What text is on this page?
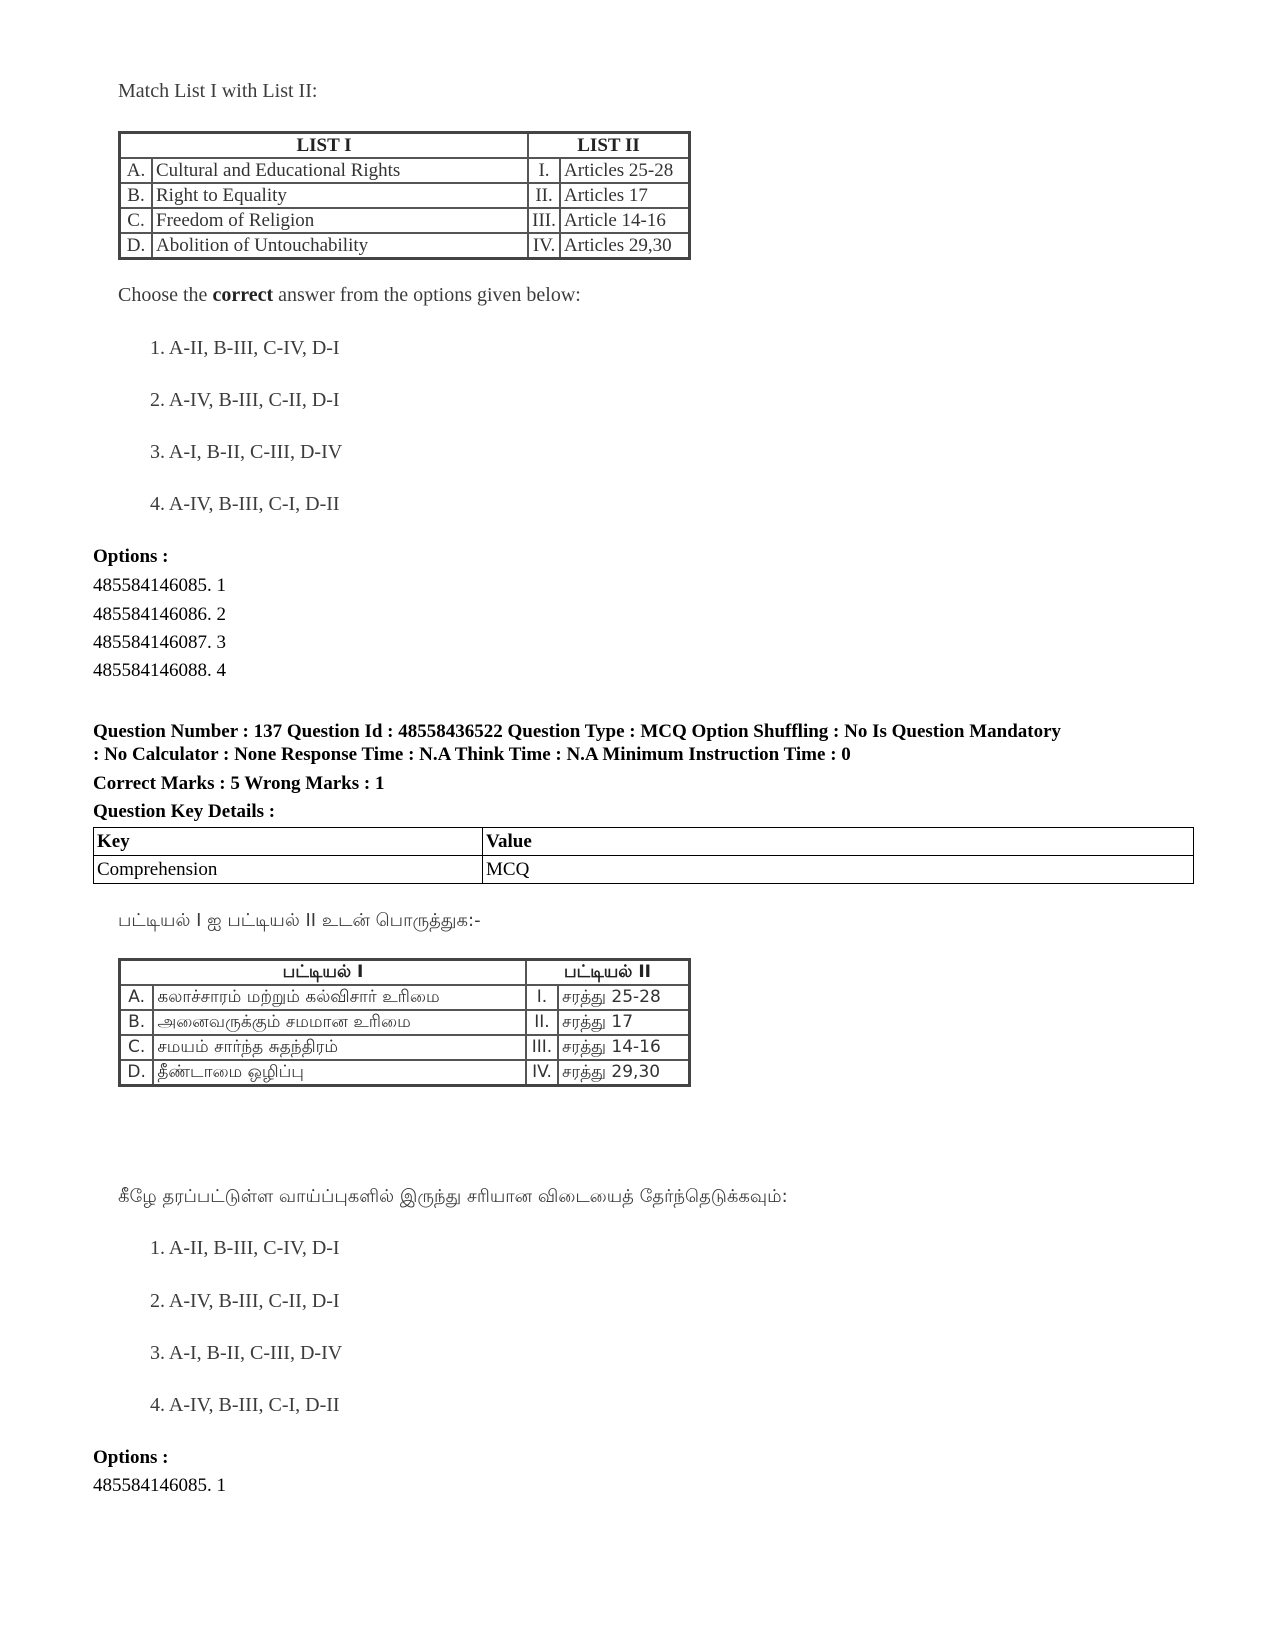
Match List I with List II:
LIST I		LIST II	
A.	Cultural and Educational Rights	I.	Articles 25-28
B.	Right to Equality	II.	Articles 17
C.	Freedom of Religion	III.	Article 14-16
D.	Abolition of Untouchability	IV.	Articles 29,30
Choose the correct answer from the options given below:
1. A-II, B-III, C-IV, D-I
2. A-IV, B-III, C-II, D-I
3. A-I, B-II, C-III, D-IV
4. A-IV, B-III, C-I, D-II
Options :
485584146085. 1
485584146086. 2
485584146087. 3
485584146088. 4
Question Number : 137 Question Id : 48558436522 Question Type : MCQ Option Shuffling : No Is Question Mandatory
: No Calculator : None Response Time : N.A Think Time : N.A Minimum Instruction Time : 0
Correct Marks : 5 Wrong Marks : 1
Question Key Details :
Key	Value
Comprehension	MCQ
பட்டியல் I ஐ பட்டியல் II உடன் பொருத்துக:-
பட்டியல் I		பட்டியல் II	
A.	கலாச்சாரம் மற்றும் கல்விசார் உரிமை	I.	சரத்து 25-28
B.	அனைவருக்கும் சமமான உரிமை	II.	சரத்து 17
C.	சமயம் சார்ந்த சுதந்திரம்	III.	சரத்து 14-16
D.	தீண்டாமை ஒழிப்பு	IV.	சரத்து 29,30
கீழே தரப்பட்டுள்ள வாய்ப்புகளில் இருந்து சரியான விடையைத் தேர்ந்தெடுக்கவும்:
1. A-II, B-III, C-IV, D-I
2. A-IV, B-III, C-II, D-I
3. A-I, B-II, C-III, D-IV
4. A-IV, B-III, C-I, D-II
Options :
485584146085. 1
